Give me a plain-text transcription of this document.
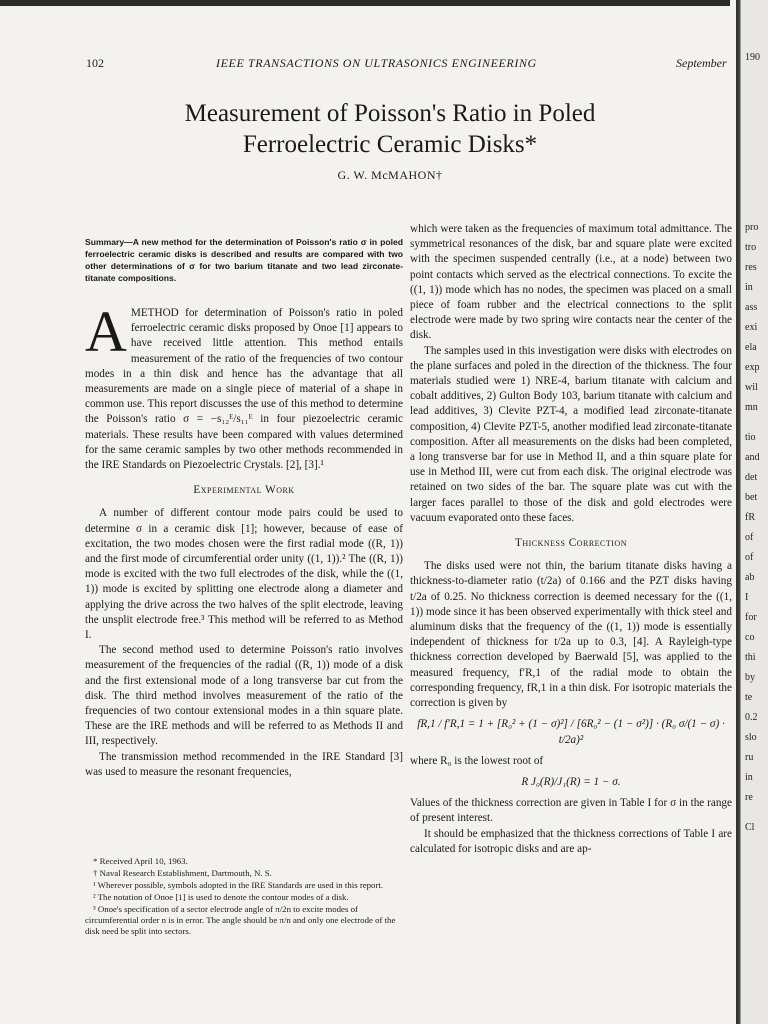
102	IEEE TRANSACTIONS ON ULTRASONICS ENGINEERING	September
Measurement of Poisson's Ratio in Poled Ferroelectric Ceramic Disks*
G. W. McMAHON†

Summary—A new method for the determination of Poisson's ratio σ in poled ferroelectric ceramic disks is described and results are compared with two other determinations of σ for two barium titanate and two lead zirconate-titanate compositions.

AMETHOD for determination of Poisson's ratio in poled ferroelectric ceramic disks proposed by Onoe [1] appears to have received little attention. This method entails measurement of the ratio of the frequencies of two contour modes in a thin disk and hence has the advantage that all measurements are made on a single piece of material of a shape in common use. This report discusses the use of this method to determine the Poisson's ratio σ = −s₁₂ᴱ/s₁₁ᴱ in four piezoelectric ceramic materials. These results have been compared with values determined for the same ceramic samples by two other methods recommended in the IRE Standards on Piezoelectric Crystals. [2], [3].¹

Experimental Work

A number of different contour mode pairs could be used to determine σ in a ceramic disk [1]; however, because of ease of excitation, the two modes chosen were the first radial mode ((R, 1)) and the first mode of circumferential order unity ((1, 1)).² The ((R, 1)) mode is excited with the two full electrodes of the disk, while the ((1, 1)) mode is excited by splitting one electrode along a diameter and applying the drive across the two halves of the split electrode, leaving the unsplit electrode free.³ This method will be referred to as Method I.

The second method used to determine Poisson's ratio involves measurement of the frequencies of the radial ((R, 1)) mode of a disk and the first extensional mode of a long transverse bar cut from the disk. The third method involves measurement of the ratio of the frequencies of two contour extensional modes in a thin square plate. These are the IRE methods and will be referred to as Methods II and III, respectively.

The transmission method recommended in the IRE Standard [3] was used to measure the resonant frequencies,

* Received April 10, 1963.

† Naval Research Establishment, Dartmouth, N. S.

¹ Wherever possible, symbols adopted in the IRE Standards are used in this report.

² The notation of Onoe [1] is used to denote the contour modes of a disk.

³ Onoe's specification of a sector electrode angle of π/2n to excite modes of circumferential order n is in error. The angle should be π/n and only one electrode of the disk need be split into sectors.

which were taken as the frequencies of maximum total admittance. The symmetrical resonances of the disk, bar and square plate were excited with the specimen suspended centrally (i.e., at a node) between two point contacts which served as the electrical connections. To excite the ((1, 1)) mode which has no nodes, the specimen was placed on a small piece of foam rubber and the electrical connections to the split electrode were made by two spring wire contacts near the center of the disk.

The samples used in this investigation were disks with electrodes on the plane surfaces and poled in the direction of the thickness. The four materials studied were 1) NRE-4, barium titanate with calcium and cobalt additives, 2) Gulton Body 103, barium titanate with calcium and lead additives, 3) Clevite PZT-4, a modified lead zirconate-titanate composition, 4) Clevite PZT-5, another modified lead zirconate-titanate composition. After all measurements on the disks had been completed, a long transverse bar for use in Method II, and a thin square plate for use in Method III, were cut from each disk. The original electrode was retained on two sides of the bar. The square plate was cut with the larger faces parallel to those of the disk and gold electrodes were vacuum evaporated onto these faces.

Thickness Correction

The disks used were not thin, the barium titanate disks having a thickness-to-diameter ratio (t/2a) of 0.166 and the PZT disks having t/2a of 0.25. No thickness correction is deemed necessary for the ((1, 1)) mode since it has been observed experimentally with thick steel and aluminum disks that the frequency of the ((1, 1)) mode is essentially independent of thickness for t/2a up to 0.3, [4]. A Rayleigh-type thickness correction developed by Baerwald [5], was applied to the measured frequency, f′R,1 of the radial mode to obtain the corresponding frequency, fR,1 in a thin disk. For isotropic materials the correction is given by

fR,1 / f′R,1 = 1 + [R₀² + (1 − σ)²] / [6R₀² − (1 − σ²)] · (R₀ σ/(1 − σ) · t/2a)²

where R₀ is the lowest root of

R J₀(R)/J₁(R) = 1 − σ.

Values of the thickness correction are given in Table I for σ in the range of present interest.

It should be emphasized that the thickness corrections of Table I are calculated for isotropic disks and are ap-

190
pro
tro
res
in
ass
exi
ela
exp
wil
mn
tio
and
det
bet
fR
of
of
ab
I
for
co
thi
by
te
0.2
slo
ru
in
re
Cl
